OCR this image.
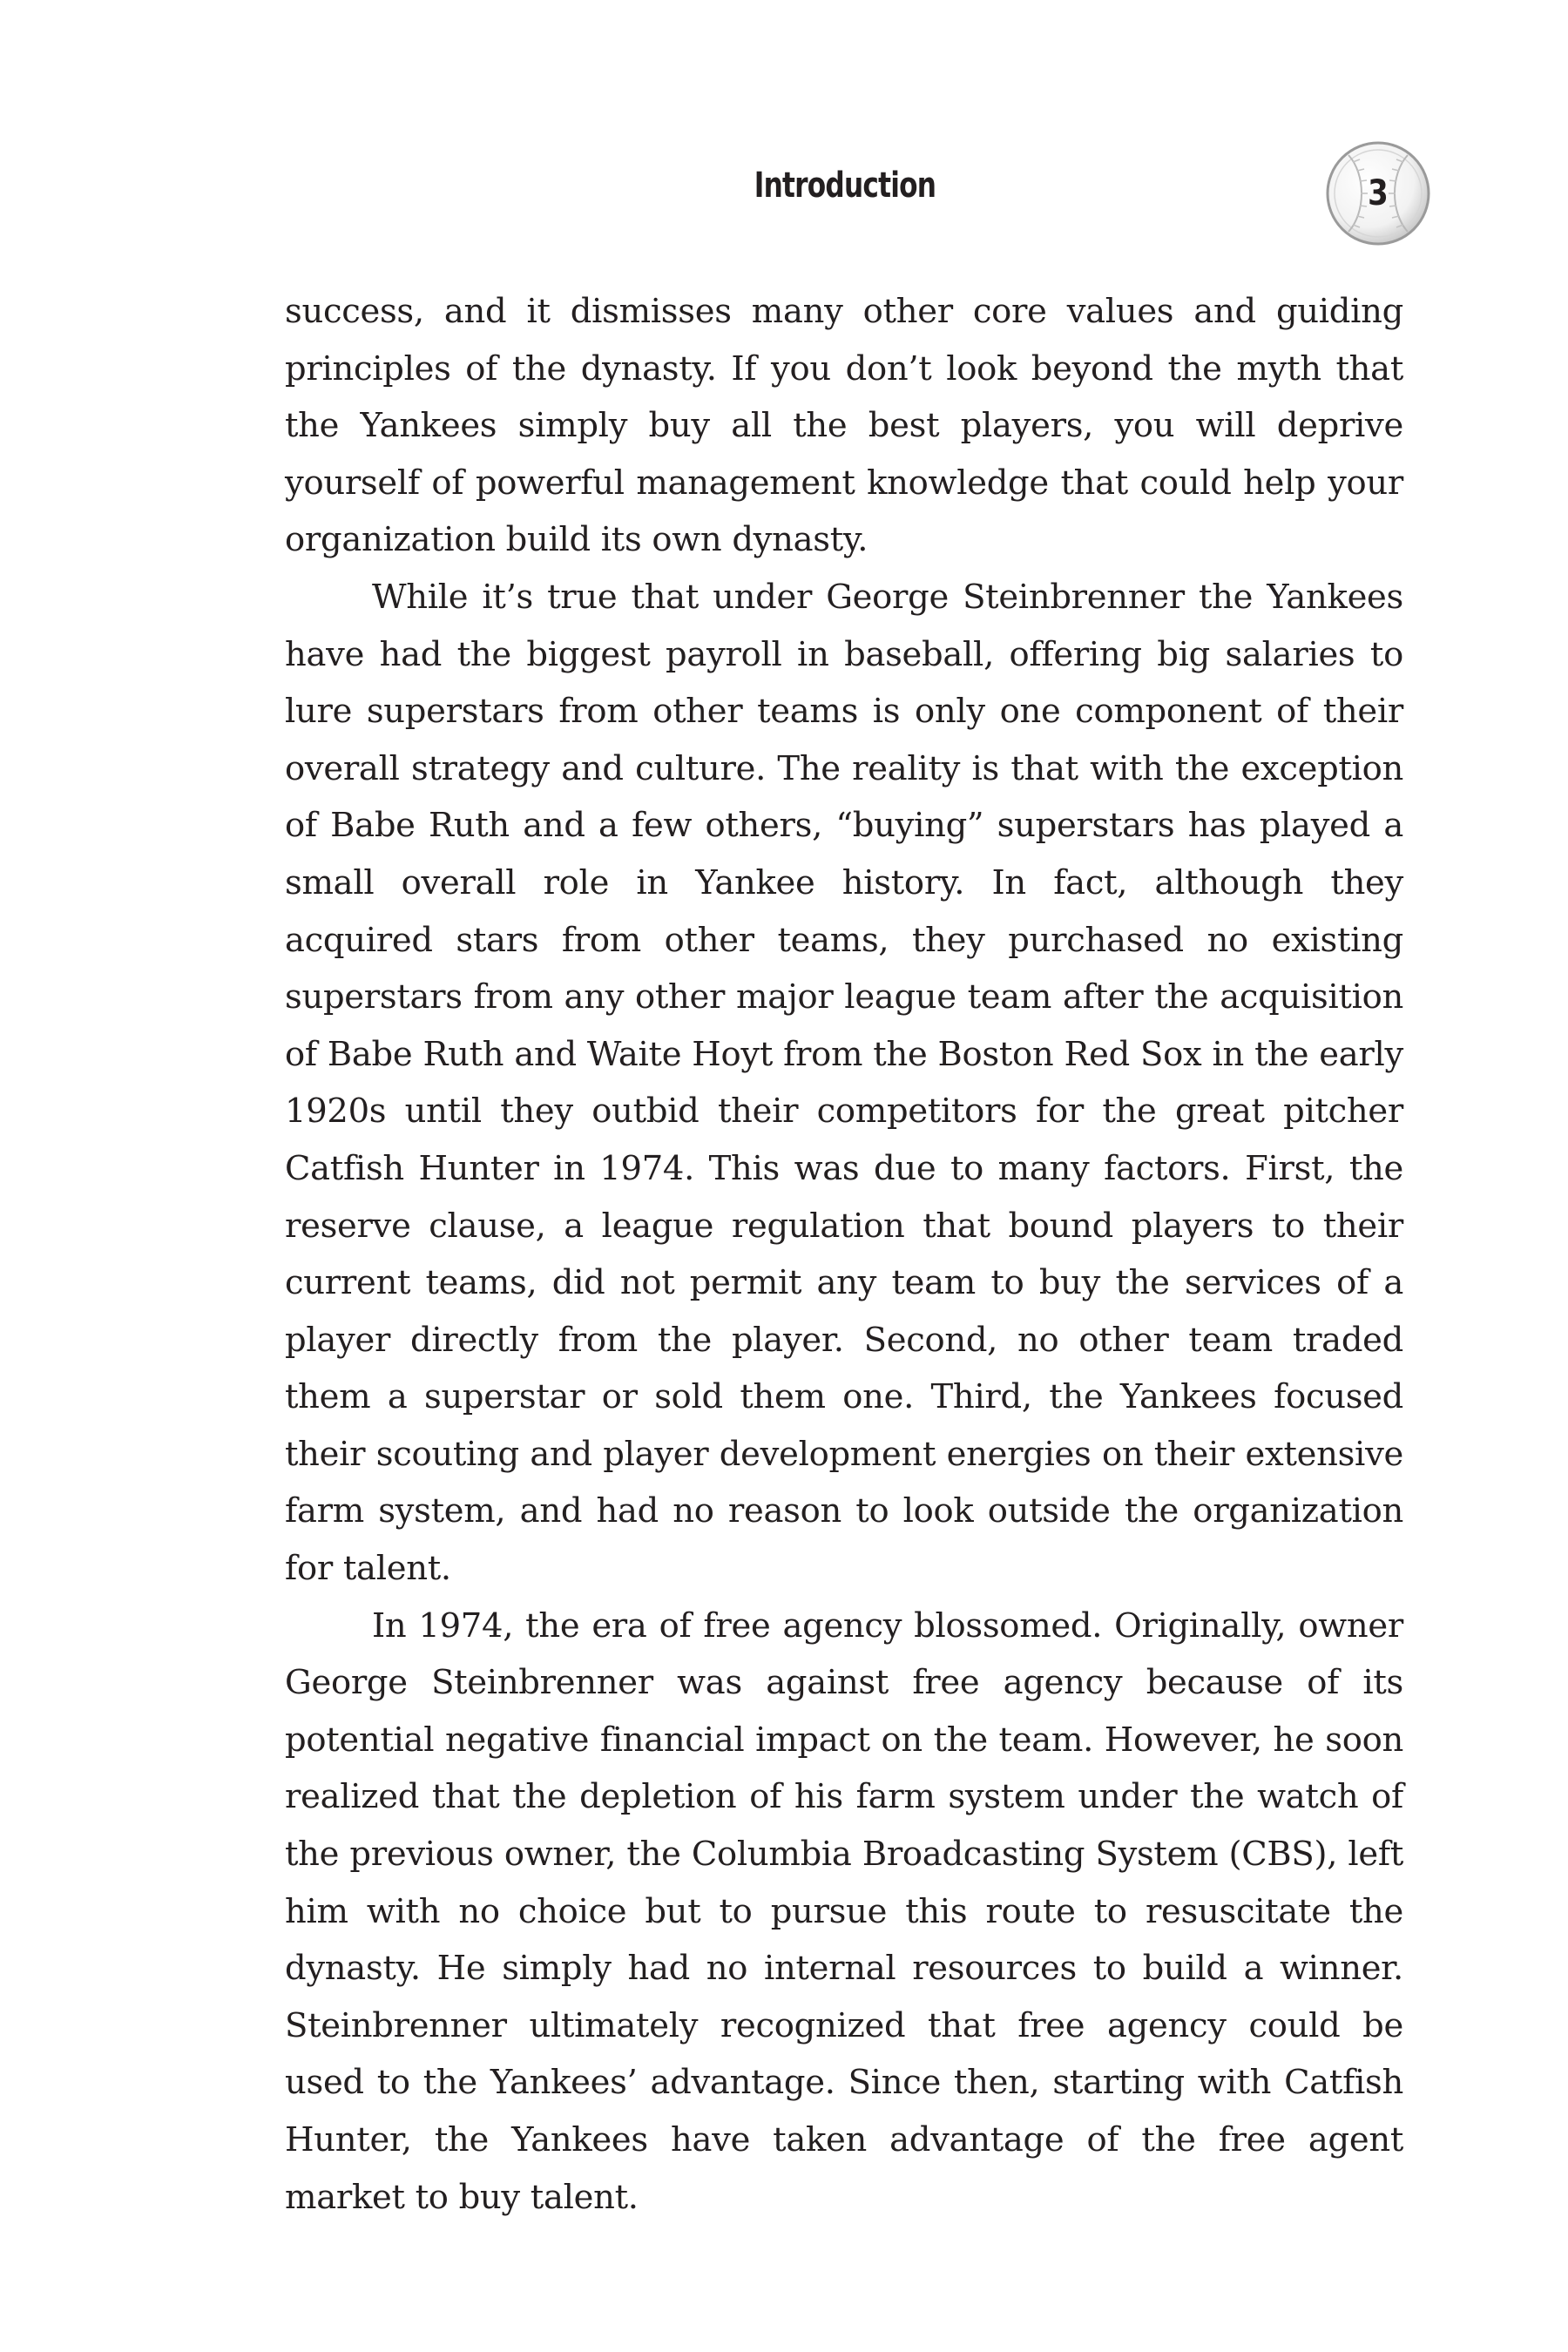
Introduction	3

success, and it dismisses many other core values and guiding principles of the dynasty. If you don’t look beyond the myth that the Yankees simply buy all the best players, you will deprive yourself of powerful management knowledge that could help your organization build its own dynasty.

While it’s true that under George Steinbrenner the Yankees have had the biggest payroll in baseball, offering big salaries to lure superstars from other teams is only one component of their overall strategy and culture. The reality is that with the exception of Babe Ruth and a few others, “buying” superstars has played a small overall role in Yankee history. In fact, although they acquired stars from other teams, they purchased no existing superstars from any other major league team after the acquisition of Babe Ruth and Waite Hoyt from the Boston Red Sox in the early 1920s until they outbid their competitors for the great pitcher Catfish Hunter in 1974. This was due to many factors. First, the reserve clause, a league regulation that bound players to their current teams, did not permit any team to buy the services of a player directly from the player. Second, no other team traded them a superstar or sold them one. Third, the Yankees focused their scouting and player development energies on their extensive farm system, and had no reason to look outside the organization for talent.

In 1974, the era of free agency blossomed. Originally, owner George Steinbrenner was against free agency because of its potential negative financial impact on the team. However, he soon realized that the depletion of his farm system under the watch of the previous owner, the Columbia Broadcasting System (CBS), left him with no choice but to pursue this route to resuscitate the dynasty. He simply had no internal resources to build a winner. Steinbrenner ultimately recognized that free agency could be used to the Yankees’ advantage. Since then, starting with Catfish Hunter, the Yankees have taken advantage of the free agent market to buy talent.
